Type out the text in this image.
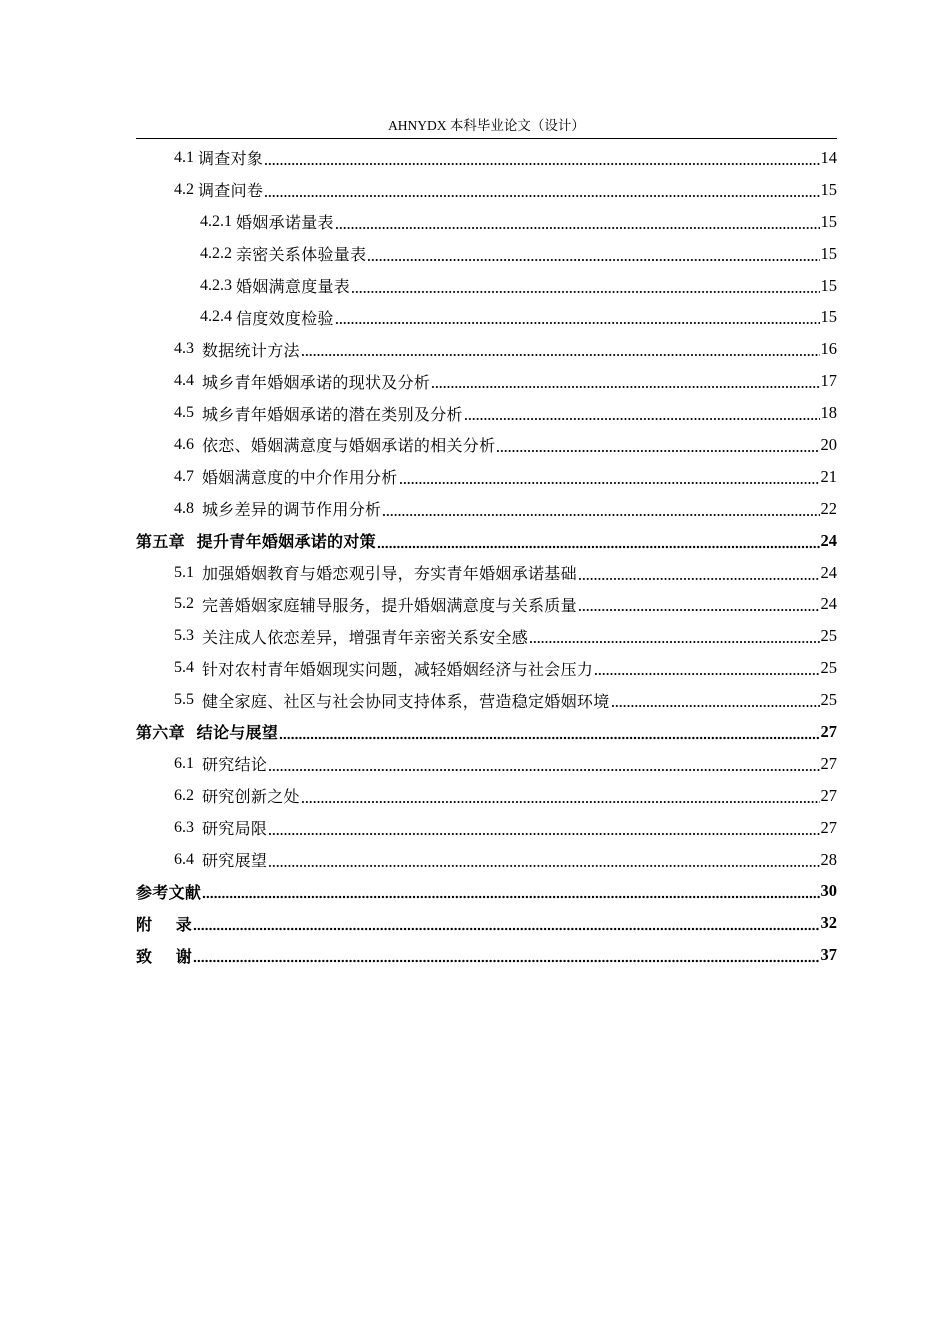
AHNYDX 本科毕业论文（设计）
4.1 调查对象	14
4.2 调查问卷	15
4.2.1 婚姻承诺量表	15
4.2.2 亲密关系体验量表	15
4.2.3 婚姻满意度量表	15
4.2.4 信度效度检验	15
4.3 数据统计方法	16
4.4 城乡青年婚姻承诺的现状及分析	17
4.5 城乡青年婚姻承诺的潜在类别及分析	18
4.6 依恋、婚姻满意度与婚姻承诺的相关分析	20
4.7 婚姻满意度的中介作用分析	21
4.8 城乡差异的调节作用分析	22
第五章  提升青年婚姻承诺的对策	24
5.1 加强婚姻教育与婚恋观引导，夯实青年婚姻承诺基础	24
5.2 完善婚姻家庭辅导服务，提升婚姻满意度与关系质量	24
5.3 关注成人依恋差异，增强青年亲密关系安全感	25
5.4 针对农村青年婚姻现实问题，减轻婚姻经济与社会压力	25
5.5 健全家庭、社区与社会协同支持体系，营造稳定婚姻环境	25
第六章  结论与展望	27
6.1 研究结论	27
6.2 研究创新之处	27
6.3 研究局限	27
6.4 研究展望	28
参考文献	30
附    录	32
致    谢	37
